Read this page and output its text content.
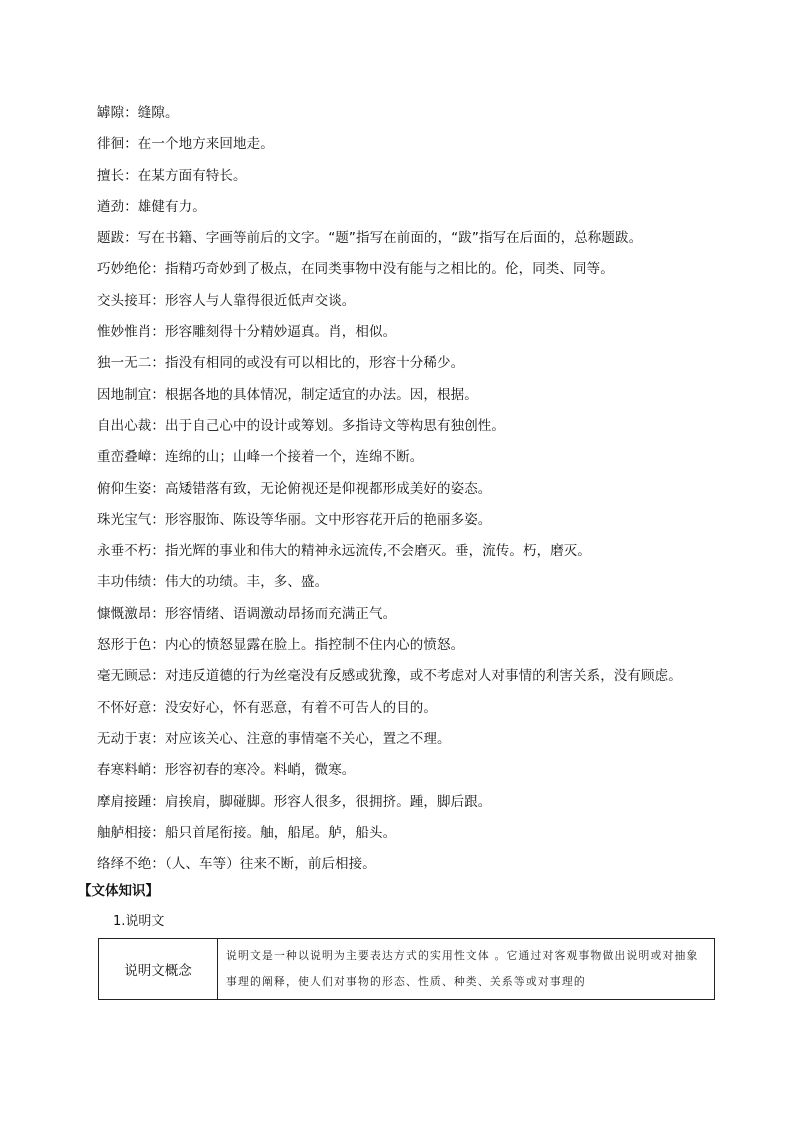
罅隙：缝隙。
徘徊：在一个地方来回地走。
擅长：在某方面有特长。
遒劲：雄健有力。
题跋：写在书籍、字画等前后的文字。“题”指写在前面的，“跋”指写在后面的，总称题跋。
巧妙绝伦：指精巧奇妙到了极点，在同类事物中没有能与之相比的。伦，同类、同等。
交头接耳：形容人与人靠得很近低声交谈。
惟妙惟肖：形容雕刻得十分精妙逼真。肖，相似。
独一无二：指没有相同的或没有可以相比的，形容十分稀少。
因地制宜：根据各地的具体情况，制定适宜的办法。因，根据。
自出心裁：出于自己心中的设计或筹划。多指诗文等构思有独创性。
重峦叠嶂：连绵的山；山峰一个接着一个，连绵不断。
俯仰生姿：高矮错落有致，无论俯视还是仰视都形成美好的姿态。
珠光宝气：形容服饰、陈设等华丽。文中形容花开后的艳丽多姿。
永垂不朽：指光辉的事业和伟大的精神永远流传,不会磨灭。垂，流传。朽，磨灭。
丰功伟绩：伟大的功绩。丰，多、盛。
慷慨激昂：形容情绪、语调激动昂扬而充满正气。
怒形于色：内心的愤怒显露在脸上。指控制不住内心的愤怒。
毫无顾忌：对违反道德的行为丝毫没有反感或犹豫，或不考虑对人对事情的利害关系，没有顾虑。
不怀好意：没安好心，怀有恶意，有着不可告人的目的。
无动于衷：对应该关心、注意的事情毫不关心，置之不理。
春寒料峭：形容初春的寒冷。料峭，微寒。
摩肩接踵：肩挨肩，脚碰脚。形容人很多，很拥挤。踵，脚后跟。
舳舻相接：船只首尾衔接。舳，船尾。舻，船头。
络绎不绝：（人、车等）往来不断，前后相接。
【文体知识】
1.说明文
说明文概念
说明文是一种以说明为主要表达方式的实用性文体 。它通过对客观事物做出说明或对抽象事理的阐释，使人们对事物的形态、性质、种类、关系等或对事理的
